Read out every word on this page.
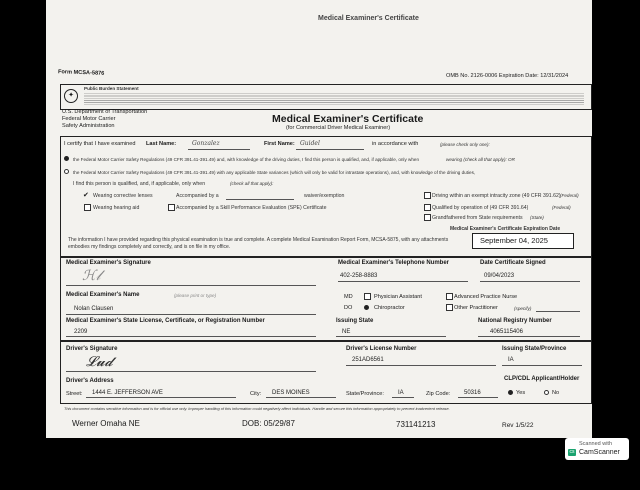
Medical Examiner's Certificate
Form MCSA-5876	OMB No. 2126-0006 Expiration Date: 12/31/2024
Public Burden Statement
✦
U.S. Department of Transportation
Federal Motor Carrier
Safety Administration
Medical Examiner's Certificate
(for Commercial Driver Medical Examiner)
I certify that I have examined Last Name:	Gonzalez	First Name: Guidel	in accordance with	(please check only one):
the Federal Motor Carrier Safety Regulations (49 CFR 391.41-391.49) and, with knowledge of the driving duties, I find this person is qualified, and, if applicable, only when	wearing (check all that apply): OR
the Federal Motor Carrier Safety Regulations (49 CFR 391.41-391.49) with any applicable State variances (which will only be valid for intrastate operations), and, with knowledge of the driving duties,
I find this person is qualified, and, if applicable, only when	(check all that apply):
✔ Wearing corrective lenses	Accompanied by a	waiver/exemption	Driving within an exempt intracity zone (49 CFR 391.62) (Federal)
Wearing hearing aid	Accompanied by a Skill Performance Evaluation (SPE) Certificate	Qualified by operation of (49 CFR 391.64)	(Federal)
Grandfathered from State requirements (State)
Medical Examiner's Certificate Expiration Date
September 04, 2025
The information I have provided regarding this physical examination is true and complete. A complete Medical Examination Report Form, MCSA-5875, with any attachments embodies my findings completely and correctly, and is on file in my office.
Medical Examiner's Signature
ℋ𝓁
Medical Examiner's Telephone Number
402-258-8883
Date Certificate Signed
09/04/2023
Medical Examiner's Name	(please print or type)
Nolan Clausen
MD	Physician Assistant	Advanced Practice Nurse
DO	Chiropractor	Other Practitioner	(specify)
Medical Examiner's State License, Certificate, or Registration Number
2209
Issuing State
NE
National Registry Number
4065115406
Driver's Signature
𝓛𝓾𝓭
Driver's License Number
251AD6561
Issuing State/Province
IA
Driver's Address	CLP/CDL Applicant/Holder
Street: 1444 E. JEFFERSON AVE	City: DES MOINES	State/Province: IA	Zip Code: 50316	Yes	No
This document contains sensitive information and is for official use only. Improper handling of this information could negatively affect individuals. Handle and secure this information appropriately to prevent inadvertent release.
Werner Omaha NE	DOB: 05/29/87	731141213	Rev 1/5/22
Scanned with
cs CamScanner
